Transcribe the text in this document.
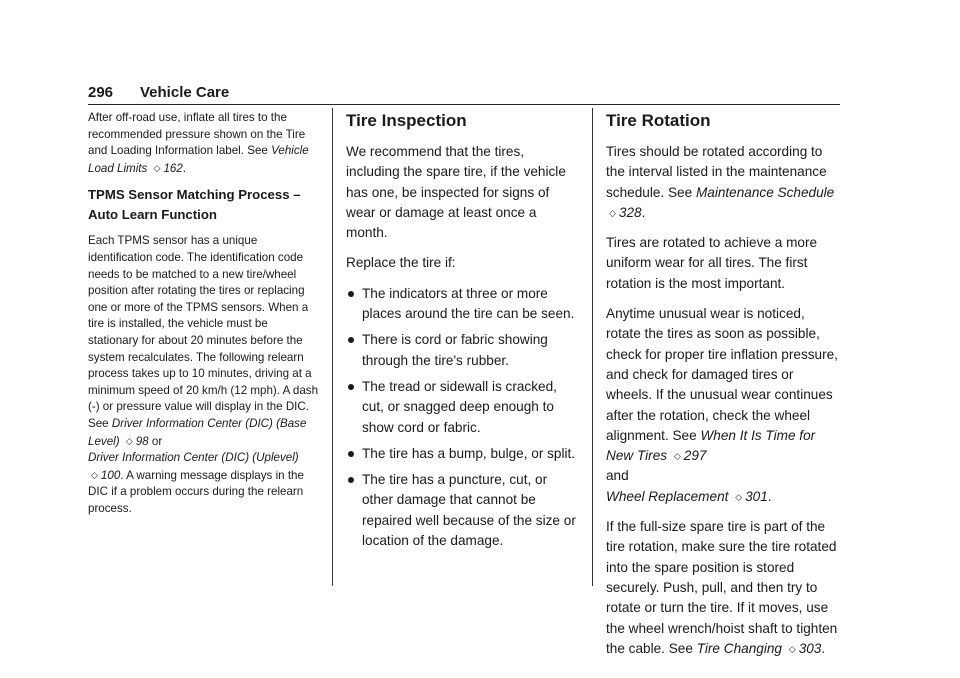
296 Vehicle Care

After off-road use, inflate all tires to the recommended pressure shown on the Tire and Loading Information label. See Vehicle Load Limits ◇ 162.

TPMS Sensor Matching Process – Auto Learn Function

Each TPMS sensor has a unique identification code. The identification code needs to be matched to a new tire/wheel position after rotating the tires or replacing one or more of the TPMS sensors. When a tire is installed, the vehicle must be stationary for about 20 minutes before the system recalculates. The following relearn process takes up to 10 minutes, driving at a minimum speed of 20 km/h (12 mph). A dash (-) or pressure value will display in the DIC. See Driver Information Center (DIC) (Base Level) ◇ 98 or
Driver Information Center (DIC) (Uplevel)
◇ 100. A warning message displays in the DIC if a problem occurs during the relearn process.

Tire Inspection

We recommend that the tires, including the spare tire, if the vehicle has one, be inspected for signs of wear or damage at least once a month.

Replace the tire if:

The indicators at three or more places around the tire can be seen.
There is cord or fabric showing through the tire's rubber.
The tread or sidewall is cracked, cut, or snagged deep enough to show cord or fabric.
The tire has a bump, bulge, or split.
The tire has a puncture, cut, or other damage that cannot be repaired well because of the size or location of the damage.
Tire Rotation

Tires should be rotated according to the interval listed in the maintenance schedule. See Maintenance Schedule
◇ 328.

Tires are rotated to achieve a more uniform wear for all tires. The first rotation is the most important.

Anytime unusual wear is noticed, rotate the tires as soon as possible, check for proper tire inflation pressure, and check for damaged tires or wheels. If the unusual wear continues after the rotation, check the wheel alignment. See When It Is Time for New Tires ◇ 297
and
Wheel Replacement ◇ 301.

If the full-size spare tire is part of the tire rotation, make sure the tire rotated into the spare position is stored securely. Push, pull, and then try to rotate or turn the tire. If it moves, use the wheel wrench/hoist shaft to tighten the cable. See Tire Changing ◇ 303.
